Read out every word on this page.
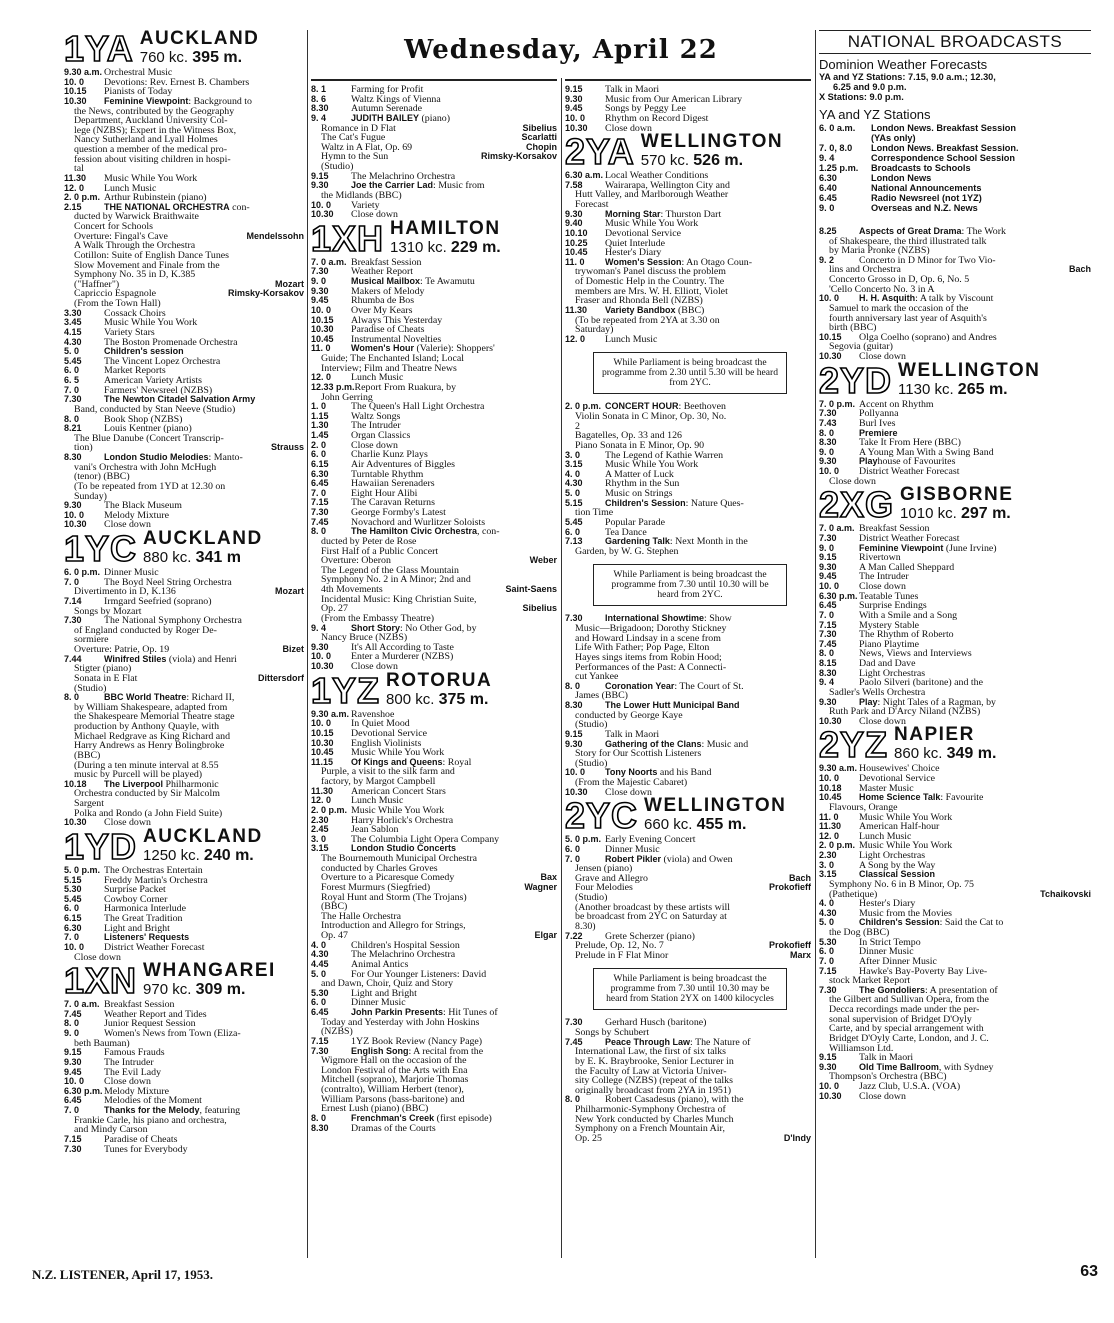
Wednesday, April 22
1YA AUCKLAND
760 kc. 395 m.
9.30 a.m. Orchestral Music
10. 0 Devotions: Rev. Ernest B. Chambers
10.15 Pianists of Today
10.30 Feminine Viewpoint: Background to
the News, contributed by the Geography
Department, Auckland University Col-
lege (NZBS); Expert in the Witness Box,
Nancy Sutherland and Lyall Holmes
question a member of the medical pro-
fession about visiting children in hospi-
tal
11.30 Music While You Work
12. 0 Lunch Music
2. 0 p.m. Arthur Rubinstein (piano)
2.15 THE NATIONAL ORCHESTRA con-
ducted by Warwick Braithwaite
Concert for Schools
Overture: Fingal's Cave	Mendelssohn
A Walk Through the Orchestra
Cotillon: Suite of English Dance Tunes
Slow Movement and Finale from the
Symphony No. 35 in D, K.385
("Haffner")	Mozart
Capriccio Espagnole	Rimsky-Korsakov
(From the Town Hall)
3.30 Cossack Choirs
3.45 Music While You Work
4.15 Variety Stars
4.30 The Boston Promenade Orchestra
5. 0	Children's session
5.45 The Vincent Lopez Orchestra
6. 0	Market Reports
6. 5	American Variety Artists
7. 0	Farmers' Newsreel (NZBS)
7.30 The Newton Citadel Salvation Army
Band, conducted by Stan Neeve (Studio)
8. 0	Book Shop (NZBS)
8.21 Louis Kentner (piano)
The Blue Danube (Concert Transcrip-
tion)	Strauss
8.30 London Studio Melodies: Manto-
vani's Orchestra with John McHugh
(tenor) (BBC)
(To be repeated from 1YD at 12.30 on
Sunday)
9.30 The Black Museum
10. 0 Melody Mixture
10.30 Close down
1YC AUCKLAND
880 kc. 341 m
6. 0 p.m. Dinner Music
7. 0	The Boyd Neel String Orchestra
Divertimento in D, K.136	Mozart
7.14 Irmgard Seefried (soprano)
Songs by Mozart
7.30 The National Symphony Orchestra
of England conducted by Roger De-
sormiere
Overture: Patrie, Op. 19	Bizet
7.44 Winifred Stiles (viola) and Henri
Stigter (piano)
Sonata in E Flat	Dittersdorf
(Studio)
8. 0	BBC World Theatre: Richard II,
by William Shakespeare, adapted from
the Shakespeare Memorial Theatre stage
production by Anthony Quayle, with
Michael Redgrave as King Richard and
Harry Andrews as Henry Bolingbroke
(BBC)
(During a ten minute interval at 8.55
music by Purcell will be played)
10.18 The Liverpool Philharmonic
Orchestra conducted by Sir Malcolm
Sargent
Polka and Rondo (a John Field Suite)
10.30 Close down
1YD AUCKLAND
1250 kc. 240 m.
5. 0 p.m. The Orchestras Entertain
5.15 Freddy Martin's Orchestra
5.30 Surprise Packet
5.45 Cowboy Corner
6. 0	Harmonica Interlude
6.15 The Great Tradition
6.30 Light and Bright
7. 0	Listeners' Requests
10. 0 District Weather Forecast
Close down
1XN WHANGAREI
970 kc. 309 m.
7. 0 a.m. Breakfast Session
7.45 Weather Report and Tides
8. 0	Junior Request Session
9. 0	Women's News from Town (Eliza-
beth Bauman)
9.15 Famous Frauds
9.30 The Intruder
9.45 The Evil Lady
10. 0 Close down
6.30 p.m.Melody Mixture
6.45 Melodies of the Moment
7. 0	Thanks for the Melody, featuring
Frankie Carle, his piano and orchestra,
and Mindy Carson
7.15 Paradise of Cheats
7.30 Tunes for Everybody
8. 1	Farming for Profit
8. 6	Waltz Kings of Vienna
8.30 Autumn Serenade
9. 4	JUDITH BAILEY (piano)
Romance in D Flat	Sibelius
The Cat's Fugue	Scarlatti
Waltz in A Flat, Op. 69	Chopin
Hymn to the Sun	Rimsky-Korsakov
(Studio)
9.15 The Melachrino Orchestra
9.30 Joe the Carrier Lad: Music from
the Midlands (BBC)
10. 0 Variety
10.30 Close down
1XH HAMILTON
1310 kc. 229 m.
7. 0 a.m. Breakfast Session
7.30 Weather Report
9. 0	Musical Mailbox: Te Awamutu
9.30 Makers of Melody
9.45 Rhumba de Bos
10. 0 Over My Kears
10.15 Always This Yesterday
10.30 Paradise of Cheats
10.45 Instrumental Novelties
11. 0 Women's Hour (Valerie): Shoppers'
Guide; The Enchanted Island; Local
Interview; Film and Theatre News
12. 0 Lunch Music
12.33 p.m.Report From Ruakura, by
John Gerring
1. 0	The Queen's Hall Light Orchestra
1.15 Waltz Songs
1.30 The Intruder
1.45 Organ Classics
2. 0	Close down
6. 0	Charlie Kunz Plays
6.15 Air Adventures of Biggles
6.30 Turntable Rhythm
6.45 Hawaiian Serenaders
7. 0	Eight Hour Alibi
7.15 The Caravan Returns
7.30 George Formby's Latest
7.45 Novachord and Wurlitzer Soloists
8. 0	The Hamilton Civic Orchestra, con-
ducted by Peter de Rose
First Half of a Public Concert
Overture: Oberon	Weber
The Legend of the Glass Mountain
Symphony No. 2 in A Minor; 2nd and
4th Movements	Saint-Saens
Incidental Music: King Christian Suite,
Op. 27	Sibelius
(From the Embassy Theatre)
9. 4	Short Story: No Other God, by
Nancy Bruce (NZBS)
9.30 It's All According to Taste
10. 0 Enter a Murderer (NZBS)
10.30 Close down
1YZ ROTORUA
800 kc. 375 m.
9.30 a.m. Ravenshoe
10. 0 In Quiet Mood
10.15 Devotional Service
10.30 English Violinists
10.45 Music While You Work
11.15 Of Kings and Queens: Royal
Purple, a visit to the silk farm and
factory, by Margot Campbell
11.30 American Concert Stars
12. 0 Lunch Music
2. 0 p.m. Music While You Work
2.30 Harry Horlick's Orchestra
2.45 Jean Sablon
3. 0	The Columbia Light Opera Company
3.15 London Studio Concerts
The Bournemouth Municipal Orchestra
conducted by Charles Groves
Overture to a Picaresque Comedy	Bax
Forest Murmurs (Siegfried)	Wagner
Royal Hunt and Storm (The Trojans)
(BBC)
The Halle Orchestra
Introduction and Allegro for Strings,
Op. 47	Elgar
4. 0	Children's Hospital Session
4.30 The Melachrino Orchestra
4.45 Animal Antics
5. 0	For Our Younger Listeners: David
and Dawn, Choir, Quiz and Story
5.30 Light and Bright
6. 0	Dinner Music
6.45 John Parkin Presents: Hit Tunes of
Today and Yesterday with John Hoskins
(NZBS)
7.15 1YZ Book Review (Nancy Page)
7.30 English Song: A recital from the
Wigmore Hall on the occasion of the
London Festival of the Arts with Ena
Mitchell (soprano), Marjorie Thomas
(contralto), William Herbert (tenor),
William Parsons (bass-baritone) and
Ernest Lush (piano) (BBC)
8. 0	Frenchman's Creek (first episode)
8.30 Dramas of the Courts
9.15 Talk in Maori
9.30 Music from Our American Library
9.45 Songs by Peggy Lee
10. 0 Rhythm on Record Digest
10.30 Close down
2YA WELLINGTON
570 kc. 526 m.
6.30 a.m. Local Weather Conditions
7.58 Wairarapa, Wellington City and
Hutt Valley, and Marlborough Weather
Forecast
9.30 Morning Star: Thurston Dart
9.40 Music While You Work
10.10 Devotional Service
10.25 Quiet Interlude
10.45 Hester's Diary
11. 0 Women's Session: An Otago Coun-
trywoman's Panel discuss the problem
of Domestic Help in the Country. The
members are Mrs. W. H. Elliott, Violet
Fraser and Rhonda Bell (NZBS)
11.30 Variety Bandbox (BBC)
(To be repeated from 2YA at 3.30 on
Saturday)
12. 0 Lunch Music
While Parliament is being broadcast the programme from 2.30 until 5.30 will be heard from 2YC.
2. 0 p.m. CONCERT HOUR: Beethoven
Violin Sonata in C Minor, Op. 30, No.
2
Bagatelles, Op. 33 and 126
Piano Sonata in E Minor, Op. 90
3. 0	The Legend of Kathie Warren
3.15 Music While You Work
4. 0	A Matter of Luck
4.30 Rhythm in the Sun
5. 0	Music on Strings
5.15 Children's Session: Nature Ques-
tion Time
5.45 Popular Parade
6. 0	Tea Dance
7.13 Gardening Talk: Next Month in the
Garden, by W. G. Stephen
While Parliament is being broadcast the programme from 7.30 until 10.30 will be heard from 2YC.
7.30 International Showtime: Show
Music—Brigadoon; Dorothy Stickney
and Howard Lindsay in a scene from
Life With Father; Pop Page, Elton
Hayes sings items from Robin Hood;
Performances of the Past: A Connecti-
cut Yankee
8. 0	Coronation Year: The Court of St.
James (BBC)
8.30 The Lower Hutt Municipal Band
conducted by George Kaye
(Studio)
9.15 Talk in Maori
9.30 Gathering of the Clans: Music and
Story for Our Scottish Listeners
(Studio)
10. 0 Tony Noorts and his Band
(From the Majestic Cabaret)
10.30 Close down
2YC WELLINGTON
660 kc. 455 m.
5. 0 p.m. Early Evening Concert
6. 0	Dinner Music
7. 0	Robert Pikler (viola) and Owen
Jensen (piano)
Grave and Allegro	Bach
Four Melodies	Prokofieff
(Studio)
(Another broadcast by these artists will
be broadcast from 2YC on Saturday at
8.30)
7.22 Grete Scherzer (piano)
Prelude, Op. 12, No. 7	Prokofieff
Prelude in F Flat Minor	Marx
While Parliament is being broadcast the programme from 7.30 until 10.30 may be heard from Station 2YX on 1400 kilocycles
7.30 Gerhard Husch (baritone)
Songs by Schubert
7.45 Peace Through Law: The Nature of
International Law, the first of six talks
by E. K. Braybrooke, Senior Lecturer in
the Faculty of Law at Victoria Univer-
sity College (NZBS) (repeat of the talks
originally broadcast from 2YA in 1951)
8. 0	Robert Casadesus (piano), with the
Philharmonic-Symphony Orchestra of
New York conducted by Charles Munch
Symphony on a French Mountain Air,
Op. 25	D'Indy
NATIONAL BROADCASTS
Dominion Weather Forecasts
YA and YZ Stations: 7.15, 9.0 a.m.; 12.30,
6.25 and 9.0 p.m.
X Stations: 9.0 p.m.
YA and YZ Stations
6. 0 a.m. London News. Breakfast Session
(YAs only)
7. 0, 8.0 London News. Breakfast Session.
9. 4	Correspondence School Session
1.25 p.m. Broadcasts to Schools
6.30	London News
6.40	National Announcements
6.45	Radio Newsreel (not 1YZ)
9. 0	Overseas and N.Z. News
8.25 Aspects of Great Drama: The Work
of Shakespeare, the third illustrated talk
by Maria Pronke (NZBS)
9. 2	Concerto in D Minor for Two Vio-
lins and Orchestra	Bach
Concerto Grosso in D, Op. 6, No. 5
'Cello Concerto No. 3 in A
10. 0 H. H. Asquith: A talk by Viscount
Samuel to mark the occasion of the
fourth anniversary last year of Asquith's
birth (BBC)
10.15 Olga Coelho (soprano) and Andres
Segovia (guitar)
10.30 Close down
2YD WELLINGTON
1130 kc. 265 m.
7. 0 p.m. Accent on Rhythm
7.30 Pollyanna
7.43 Burl Ives
8. 0	Premiere
8.30 Take It From Here (BBC)
9. 0	A Young Man With a Swing Band
9.30 Playhouse of Favourites
10. 0 District Weather Forecast
Close down
2XG GISBORNE
1010 kc. 297 m.
7. 0 a.m. Breakfast Session
7.30 District Weather Forecast
9. 0	Feminine Viewpoint (June Irvine)
9.15 Rivertown
9.30 A Man Called Sheppard
9.45 The Intruder
10. 0 Close down
6.30 p.m.Teatable Tunes
6.45 Surprise Endings
7. 0	With a Smile and a Song
7.15 Mystery Stable
7.30 The Rhythm of Roberto
7.45 Piano Playtime
8. 0	News, Views and Interviews
8.15 Dad and Dave
8.30 Light Orchestras
9. 4	Paolo Silveri (baritone) and the
Sadler's Wells Orchestra
9.30 Play: Night Tales of a Ragman, by
Ruth Park and D'Arcy Niland (NZBS)
10.30 Close down
2YZ NAPIER
860 kc. 349 m.
9.30 a.m. Housewives' Choice
10. 0 Devotional Service
10.18 Master Music
10.45 Home Science Talk: Favourite
Flavours, Orange
11. 0 Music While You Work
11.30 American Half-hour
12. 0 Lunch Music
2. 0 p.m. Music While You Work
2.30 Light Orchestras
3. 0	A Song by the Way
3.15 Classical Session
Symphony No. 6 in B Minor, Op. 75
(Pathetique)	Tchaikovski
4. 0	Hester's Diary
4.30 Music from the Movies
5. 0	Children's Session: Said the Cat to
the Dog (BBC)
5.30 In Strict Tempo
6. 0	Dinner Music
7. 0	After Dinner Music
7.15 Hawke's Bay-Poverty Bay Live-
stock Market Report
7.30 The Gondoliers: A presentation of
the Gilbert and Sullivan Opera, from the
Decca recordings made under the per-
sonal supervision of Bridget D'Oyly
Carte, and by special arrangement with
Bridget D'Oyly Carte, London, and J. C.
Williamson Ltd.
9.15 Talk in Maori
9.30 Old Time Ballroom, with Sydney
Thompson's Orchestra (BBC)
10. 0 Jazz Club, U.S.A. (VOA)
10.30 Close down
N.Z. LISTENER, April 17, 1953.	63
